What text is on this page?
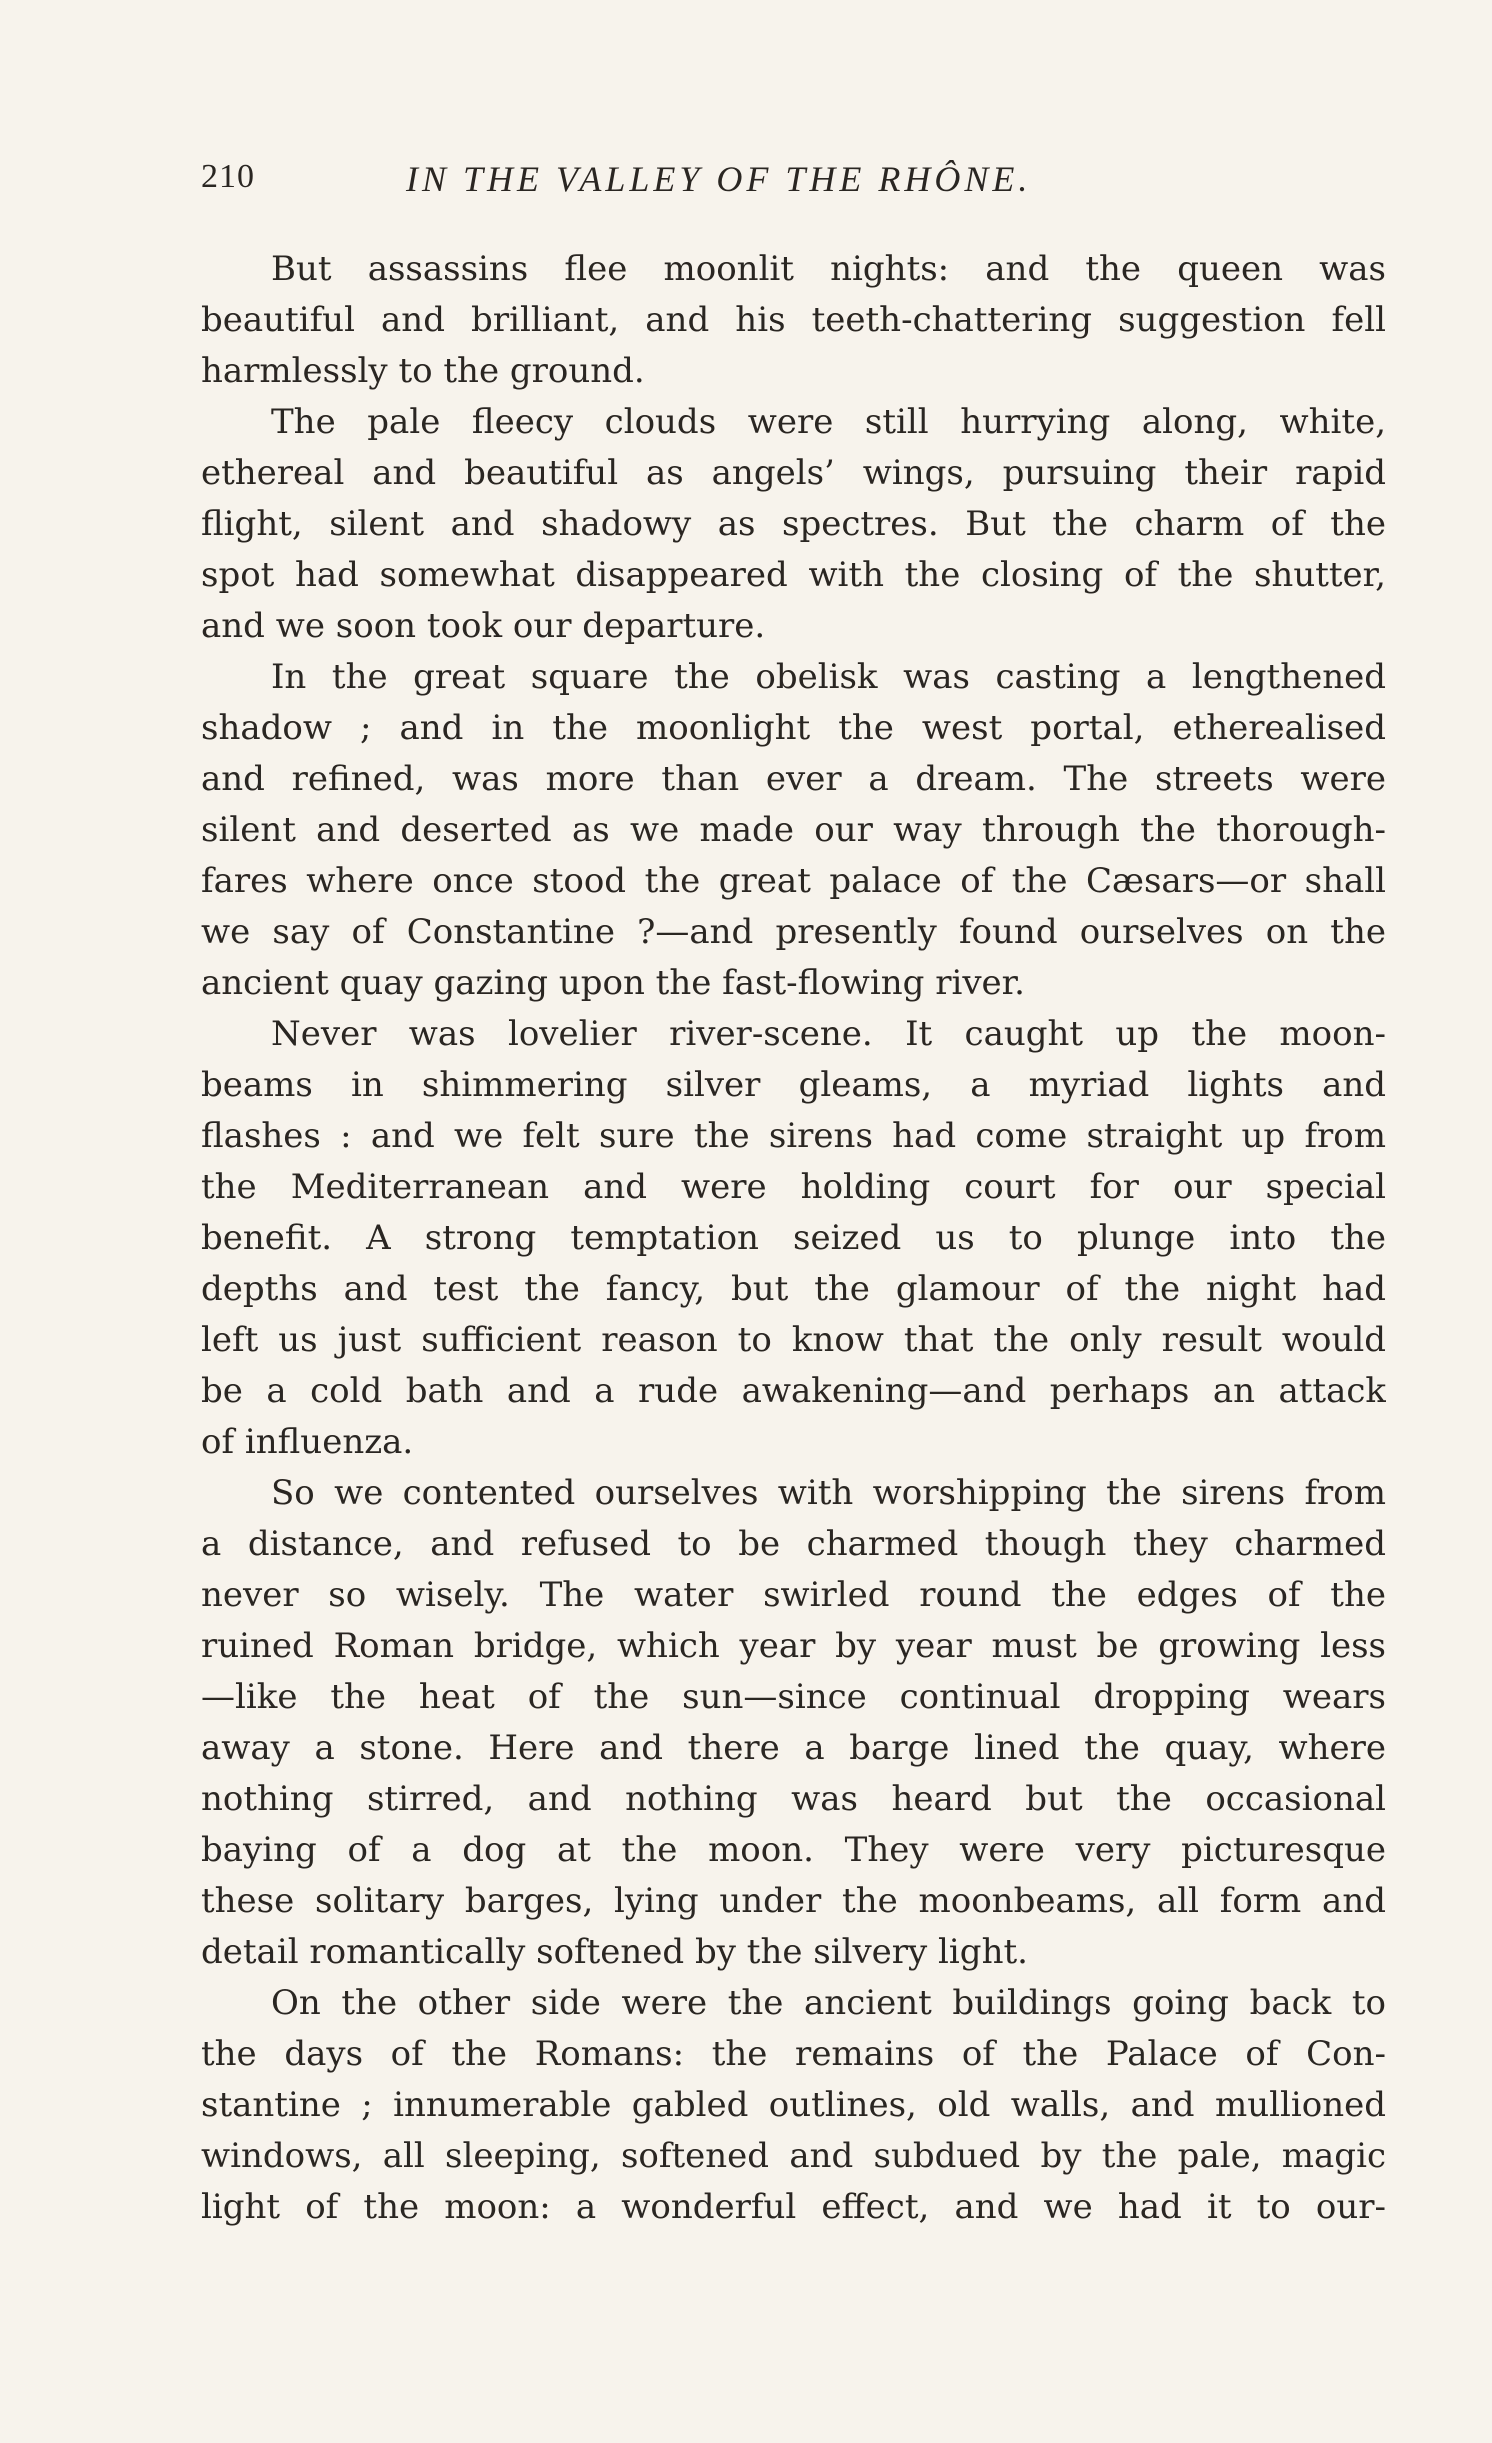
210	IN THE VALLEY OF THE RHÔNE.
But assassins flee moonlit nights: and the queen was
beautiful and brilliant, and his teeth-chattering suggestion fell
harmlessly to the ground.
The pale fleecy clouds were still hurrying along, white,
ethereal and beautiful as angels’ wings, pursuing their rapid
flight, silent and shadowy as spectres. But the charm of the
spot had somewhat disappeared with the closing of the shutter,
and we soon took our departure.
In the great square the obelisk was casting a lengthened
shadow ; and in the moonlight the west portal, etherealised
and refined, was more than ever a dream. The streets were
silent and deserted as we made our way through the thorough-
fares where once stood the great palace of the Cæsars—or shall
we say of Constantine ?—and presently found ourselves on the
ancient quay gazing upon the fast-flowing river.
Never was lovelier river-scene. It caught up the moon-
beams in shimmering silver gleams, a myriad lights and
flashes : and we felt sure the sirens had come straight up from
the Mediterranean and were holding court for our special
benefit. A strong temptation seized us to plunge into the
depths and test the fancy, but the glamour of the night had
left us just sufficient reason to know that the only result would
be a cold bath and a rude awakening—and perhaps an attack
of influenza.
So we contented ourselves with worshipping the sirens from
a distance, and refused to be charmed though they charmed
never so wisely. The water swirled round the edges of the
ruined Roman bridge, which year by year must be growing less
—like the heat of the sun—since continual dropping wears
away a stone. Here and there a barge lined the quay, where
nothing stirred, and nothing was heard but the occasional
baying of a dog at the moon. They were very picturesque
these solitary barges, lying under the moonbeams, all form and
detail romantically softened by the silvery light.
On the other side were the ancient buildings going back to
the days of the Romans: the remains of the Palace of Con-
stantine ; innumerable gabled outlines, old walls, and mullioned
windows, all sleeping, softened and subdued by the pale, magic
light of the moon: a wonderful effect, and we had it to our-
